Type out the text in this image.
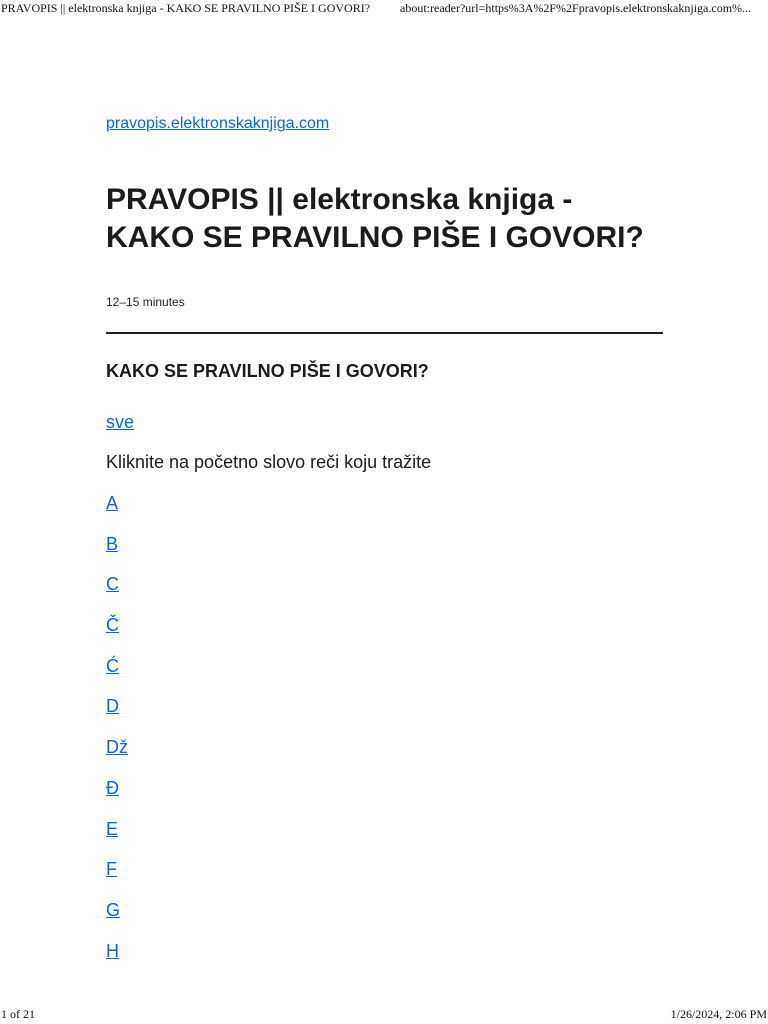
PRAVOPIS || elektronska knjiga - KAKO SE PRAVILNO PIŠE I GOVORI? about:reader?url=https%3A%2F%2Fpravopis.elektronskaknjiga.com%...
pravopis.elektronskaknjiga.com
PRAVOPIS || elektronska knjiga -
KAKO SE PRAVILNO PIŠE I GOVORI?
12–15 minutes
KAKO SE PRAVILNO PIŠE I GOVORI?
sve
Kliknite na početno slovo reči koju tražite
A
B
C
Č
Ć
D
Dž
Đ
E
F
G
H
1 of 21	1/26/2024, 2:06 PM
